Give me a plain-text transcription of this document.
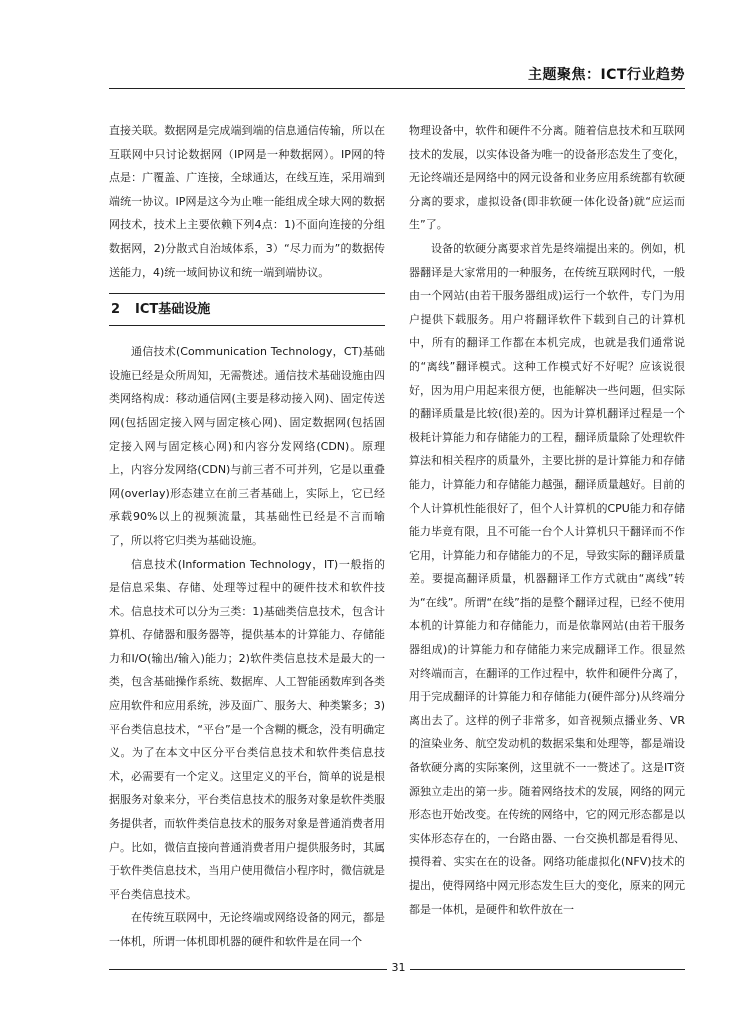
主题聚焦：ICT行业趋势

直接关联。数据网是完成端到端的信息通信传输，所以在互联网中只讨论数据网（IP网是一种数据网）。IP网的特点是：广覆盖、广连接，全球通达，在线互连，采用端到端统一协议。IP网是这今为止唯一能组成全球大网的数据网技术，技术上主要依赖下列4点：1)不面向连接的分组数据网，2)分散式自治域体系，3）“尽力而为”的数据传送能力，4)统一域间协议和统一端到端协议。

2 ICT基础设施

通信技术(Communication Technology，CT)基础设施已经是众所周知，无需赘述。通信技术基础设施由四类网络构成：移动通信网(主要是移动接入网)、固定传送网(包括固定接入网与固定核心网)、固定数据网(包括固定接入网与固定核心网)和内容分发网络(CDN)。原理上，内容分发网络(CDN)与前三者不可并列，它是以重叠网(overlay)形态建立在前三者基础上，实际上，它已经承载90%以上的视频流量，其基础性已经是不言而喻了，所以将它归类为基础设施。

信息技术(Information Technology，IT)一般指的是信息采集、存储、处理等过程中的硬件技术和软件技术。信息技术可以分为三类：1)基础类信息技术，包含计算机、存储器和服务器等，提供基本的计算能力、存储能力和I/O(输出/输入)能力；2)软件类信息技术是最大的一类，包含基础操作系统、数据库、人工智能函数库到各类应用软件和应用系统，涉及面广、服务大、种类繁多；3)平台类信息技术，“平台”是一个含糊的概念，没有明确定义。为了在本文中区分平台类信息技术和软件类信息技术，必需要有一个定义。这里定义的平台，简单的说是根据服务对象来分，平台类信息技术的服务对象是软件类服务提供者，而软件类信息技术的服务对象是普通消费者用户。比如，微信直接向普通消费者用户提供服务时，其属于软件类信息技术，当用户使用微信小程序时，微信就是平台类信息技术。

在传统互联网中，无论终端或网络设备的网元，都是一体机，所谓一体机即机器的硬件和软件是在同一个

物理设备中，软件和硬件不分离。随着信息技术和互联网技术的发展，以实体设备为唯一的设备形态发生了变化，无论终端还是网络中的网元设备和业务应用系统都有软硬分离的要求，虚拟设备(即非软硬一体化设备)就“应运而生”了。

设备的软硬分离要求首先是终端提出来的。例如，机器翻译是大家常用的一种服务，在传统互联网时代，一般由一个网站(由若干服务器组成)运行一个软件，专门为用户提供下载服务。用户将翻译软件下载到自己的计算机中，所有的翻译工作都在本机完成，也就是我们通常说的“离线”翻译模式。这种工作模式好不好呢？应该说很好，因为用户用起来很方便，也能解决一些问题，但实际的翻译质量是比较(很)差的。因为计算机翻译过程是一个极耗计算能力和存储能力的工程，翻译质量除了处理软件算法和相关程序的质量外，主要比拼的是计算能力和存储能力，计算能力和存储能力越强，翻译质量越好。目前的个人计算机性能很好了，但个人计算机的CPU能力和存储能力毕竟有限，且不可能一台个人计算机只干翻译而不作它用，计算能力和存储能力的不足，导致实际的翻译质量差。要提高翻译质量，机器翻译工作方式就由“离线”转为“在线”。所谓“在线”指的是整个翻译过程，已经不使用本机的计算能力和存储能力，而是依靠网站(由若干服务器组成)的计算能力和存储能力来完成翻译工作。很显然对终端而言，在翻译的工作过程中，软件和硬件分离了，用于完成翻译的计算能力和存储能力(硬件部分)从终端分离出去了。这样的例子非常多，如音视频点播业务、VR的渲染业务、航空发动机的数据采集和处理等，都是端设备软硬分离的实际案例，这里就不一一赘述了。这是IT资源独立走出的第一步。随着网络技术的发展，网络的网元形态也开始改变。在传统的网络中，它的网元形态都是以实体形态存在的，一台路由器、一台交换机都是看得见、摸得着、实实在在的设备。网络功能虚拟化(NFV)技术的提出，使得网络中网元形态发生巨大的变化，原来的网元都是一体机，是硬件和软件放在一

31
